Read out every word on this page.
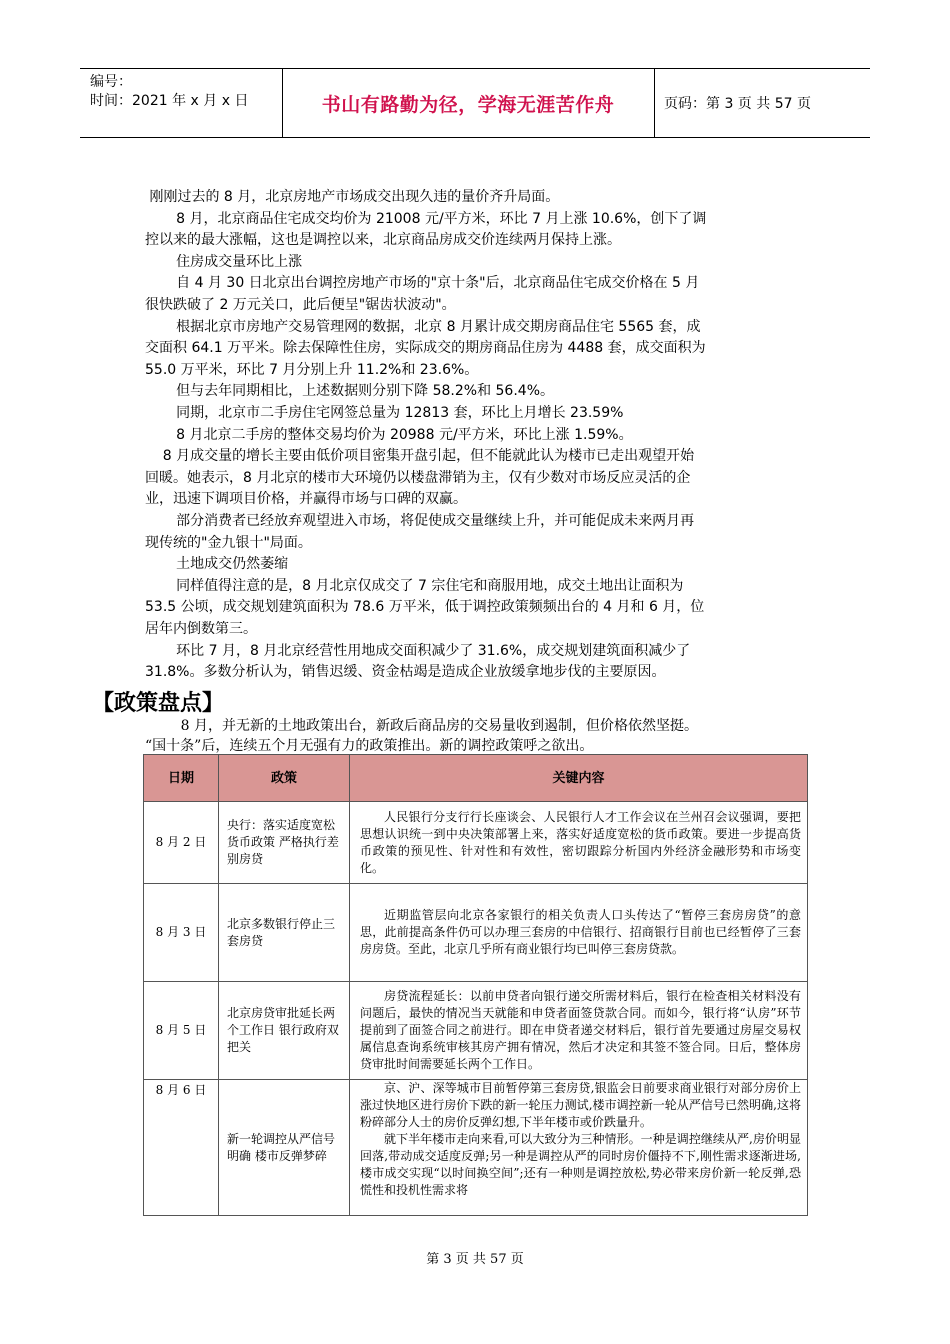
编号：
时间：2021 年 x 月 x 日	书山有路勤为径，学海无涯苦作舟	页码：第 3 页 共 57 页
刚刚过去的 8 月，北京房地产市场成交出现久违的量价齐升局面。
8 月，北京商品住宅成交均价为 21008 元/平方米，环比 7 月上涨 10.6%，创下了调
控以来的最大涨幅，这也是调控以来，北京商品房成交价连续两月保持上涨。
住房成交量环比上涨
自 4 月 30 日北京出台调控房地产市场的"京十条"后，北京商品住宅成交价格在 5 月
很快跌破了 2 万元关口，此后便呈"锯齿状波动"。
根据北京市房地产交易管理网的数据，北京 8 月累计成交期房商品住宅 5565 套，成
交面积 64.1 万平米。除去保障性住房，实际成交的期房商品住房为 4488 套，成交面积为
55.0 万平米，环比 7 月分别上升 11.2%和 23.6%。
但与去年同期相比，上述数据则分别下降 58.2%和 56.4%。
同期，北京市二手房住宅网签总量为 12813 套，环比上月增长 23.59%
8 月北京二手房的整体交易均价为 20988 元/平方米，环比上涨 1.59%。
8 月成交量的增长主要由低价项目密集开盘引起，但不能就此认为楼市已走出观望开始
回暖。她表示，8 月北京的楼市大环境仍以楼盘滞销为主，仅有少数对市场反应灵活的企
业，迅速下调项目价格，并赢得市场与口碑的双赢。
部分消费者已经放弃观望进入市场，将促使成交量继续上升，并可能促成未来两月再
现传统的"金九银十"局面。
土地成交仍然萎缩
同样值得注意的是，8 月北京仅成交了 7 宗住宅和商服用地，成交土地出让面积为
53.5 公顷，成交规划建筑面积为 78.6 万平米，低于调控政策频频出台的 4 月和 6 月，位
居年内倒数第三。
环比 7 月，8 月北京经营性用地成交面积减少了 31.6%，成交规划建筑面积减少了
31.8%。多数分析认为，销售迟缓、资金枯竭是造成企业放缓拿地步伐的主要原因。
【政策盘点】
8 月，并无新的土地政策出台，新政后商品房的交易量收到遏制，但价格依然坚挺。
“国十条”后，连续五个月无强有力的政策推出。新的调控政策呼之欲出。
日期	政策	关键内容
8 月 2 日	央行：落实适度宽松货币政策 严格执行差别房贷	人民银行分支行行长座谈会、人民银行人才工作会议在兰州召会议强调，要把思想认识统一到中央决策部署上来，落实好适度宽松的货币政策。要进一步提高货币政策的预见性、针对性和有效性，密切跟踪分析国内外经济金融形势和市场变化。

8 月 3 日	北京多数银行停止三套房贷	近期监管层向北京各家银行的相关负责人口头传达了“暂停三套房房贷”的意思，此前提高条件仍可以办理三套房的中信银行、招商银行目前也已经暂停了三套房房贷。至此，北京几乎所有商业银行均已叫停三套房贷款。

8 月 5 日	北京房贷审批延长两个工作日 银行政府双把关	房贷流程延长：以前申贷者向银行递交所需材料后，银行在检查相关材料没有问题后，最快的情况当天就能和申贷者面签贷款合同。而如今，银行将“认房”环节提前到了面签合同之前进行。即在申贷者递交材料后，银行首先要通过房屋交易权属信息查询系统审核其房产拥有情况，然后才决定和其签不签合同。日后，整体房贷审批时间需要延长两个工作日。

8 月 6 日	新一轮调控从严信号明确 楼市反弹梦碎	京、沪、深等城市目前暂停第三套房贷,银监会日前要求商业银行对部分房价上涨过快地区进行房价下跌的新一轮压力测试,楼市调控新一轮从严信号已然明确,这将粉碎部分人士的房价反弹幻想,下半年楼市或价跌量升。
就下半年楼市走向来看,可以大致分为三种情形。一种是调控继续从严,房价明显回落,带动成交适度反弹;另一种是调控从严的同时房价僵持不下,刚性需求逐渐进场,楼市成交实现“以时间换空间”;还有一种则是调控放松,势必带来房价新一轮反弹,恐慌性和投机性需求将
第 3 页 共 57 页
